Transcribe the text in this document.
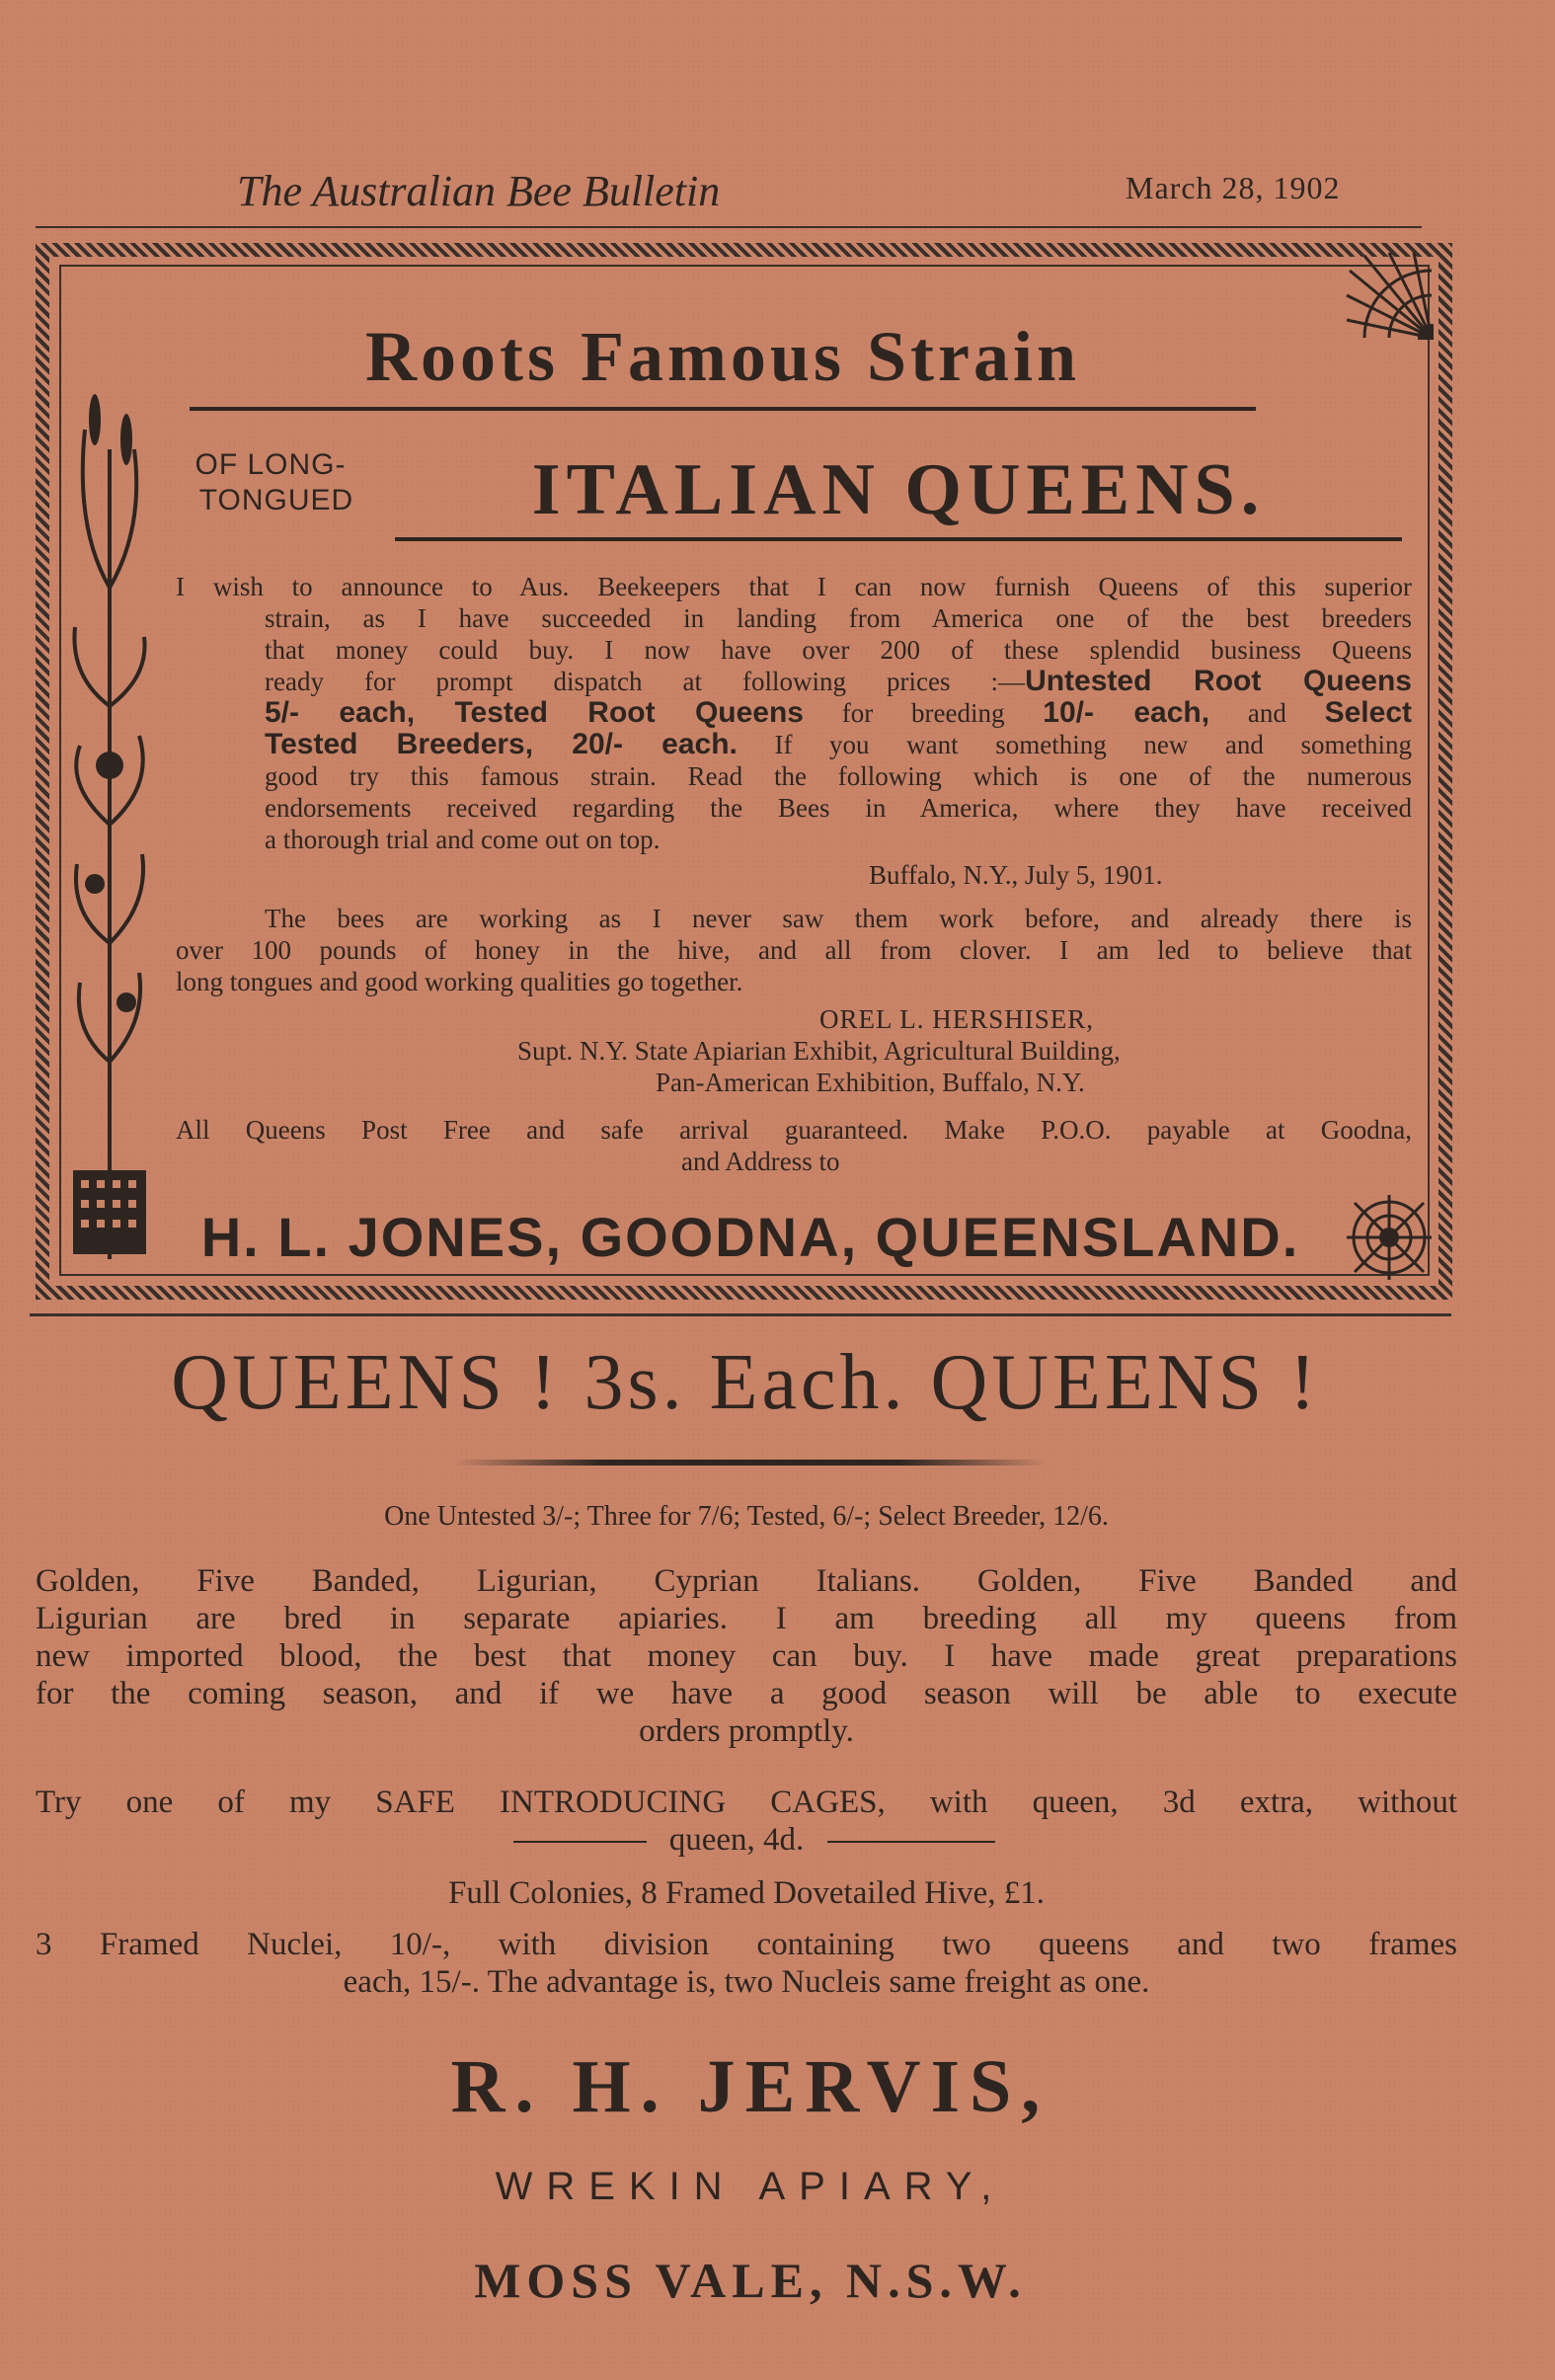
The Australian Bee Bulletin	March 28, 1902
Roots Famous Strain
OF LONG-
TONGUED	ITALIAN QUEENS.
I wish to announce to Aus. Beekeepers that I can now furnish Queens of this superior
strain, as I have succeeded in landing from America one of the best breeders
that money could buy. I now have over 200 of these splendid business Queens
ready for prompt dispatch at following prices :—Untested Root Queens
5/- each, Tested Root Queens for breeding 10/- each, and Select
Tested Breeders, 20/- each. If you want something new and something
good try this famous strain. Read the following which is one of the numerous
endorsements received regarding the Bees in America, where they have received
a thorough trial and come out on top.
Buffalo, N.Y., July 5, 1901.
The bees are working as I never saw them work before, and already there is
over 100 pounds of honey in the hive, and all from clover. I am led to believe that
long tongues and good working qualities go together.
OREL L. HERSHISER,
Supt. N.Y. State Apiarian Exhibit, Agricultural Building,
Pan-American Exhibition, Buffalo, N.Y.
All Queens Post Free and safe arrival guaranteed. Make P.O.O. payable at Goodna,
and Address to
H. L. JONES, GOODNA, QUEENSLAND.
QUEENS ! 3s. Each. QUEENS !
One Untested 3/-; Three for 7/6; Tested, 6/-; Select Breeder, 12/6.
Golden, Five Banded, Ligurian, Cyprian Italians. Golden, Five Banded and
Ligurian are bred in separate apiaries. I am breeding all my queens from
new imported blood, the best that money can buy. I have made great preparations
for the coming season, and if we have a good season will be able to execute
orders promptly.
Try one of my SAFE INTRODUCING CAGES, with queen, 3d extra, without
queen, 4d.
Full Colonies, 8 Framed Dovetailed Hive, £1.
3 Framed Nuclei, 10/-, with division containing two queens and two frames
each, 15/-. The advantage is, two Nucleis same freight as one.
R. H. JERVIS,
WREKIN APIARY,
MOSS VALE, N.S.W.
